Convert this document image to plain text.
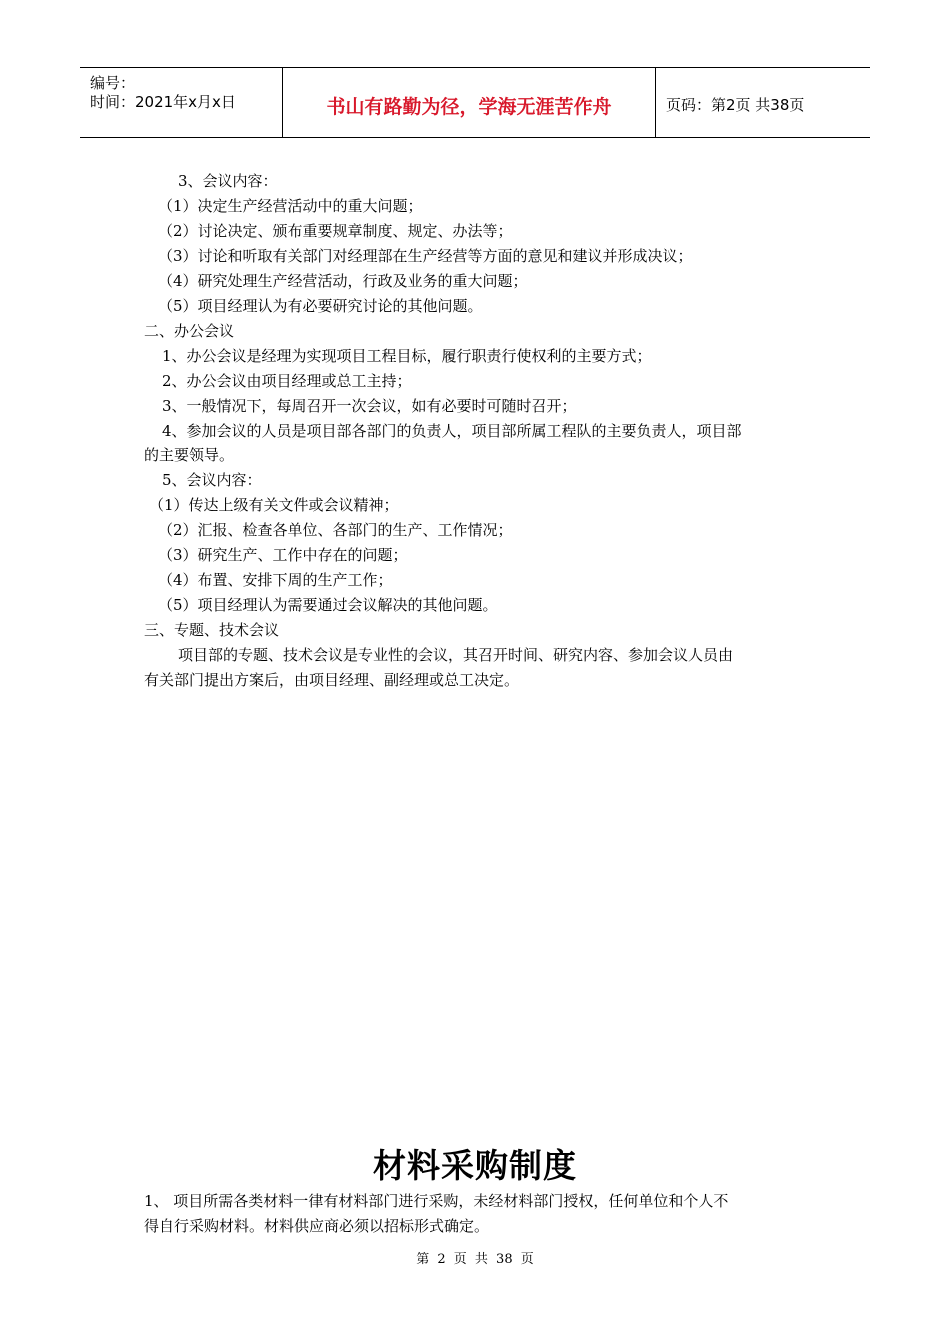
编号：
时间：2021年x月x日	书山有路勤为径，学海无涯苦作舟	页码：第2页 共38页
3、会议内容：
（1）决定生产经营活动中的重大问题；
（2）讨论决定、颁布重要规章制度、规定、办法等；
（3）讨论和听取有关部门对经理部在生产经营等方面的意见和建议并形成决议；
（4）研究处理生产经营活动，行政及业务的重大问题；
（5）项目经理认为有必要研究讨论的其他问题。
二、办公会议
1、办公会议是经理为实现项目工程目标，履行职责行使权利的主要方式；
2、办公会议由项目经理或总工主持；
3、一般情况下，每周召开一次会议，如有必要时可随时召开；
4、参加会议的人员是项目部各部门的负责人，项目部所属工程队的主要负责人，项目部
的主要领导。
5、会议内容：
（1）传达上级有关文件或会议精神；
（2）汇报、检查各单位、各部门的生产、工作情况；
（3）研究生产、工作中存在的问题；
（4）布置、安排下周的生产工作；
（5）项目经理认为需要通过会议解决的其他问题。
三、专题、技术会议
项目部的专题、技术会议是专业性的会议，其召开时间、研究内容、参加会议人员由
有关部门提出方案后，由项目经理、副经理或总工决定。
材料采购制度
1、 项目所需各类材料一律有材料部门进行采购，未经材料部门授权，任何单位和个人不
得自行采购材料。材料供应商必须以招标形式确定。
第 2 页 共 38 页
